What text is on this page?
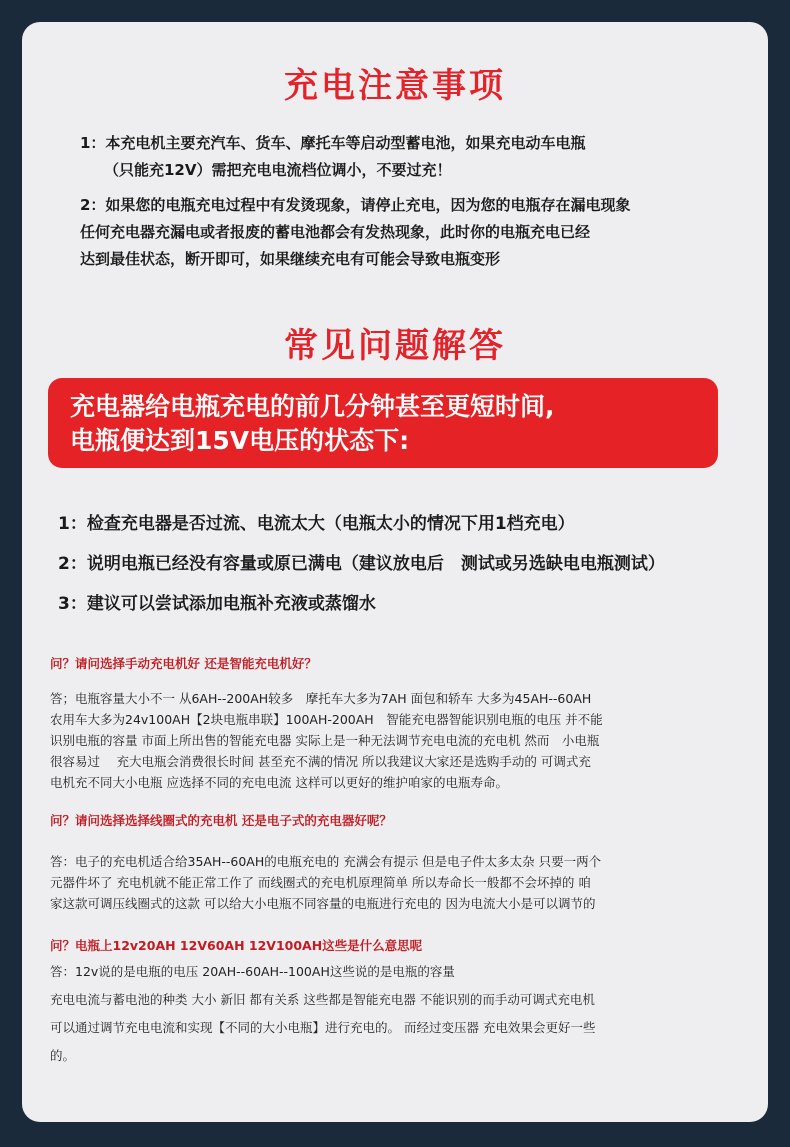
充电注意事项

1：本充电机主要充汽车、货车、摩托车等启动型蓄电池，如果充电动车电瓶
（只能充12V）需把充电电流档位调小，不要过充！

2：如果您的电瓶充电过程中有发烫现象，请停止充电，因为您的电瓶存在漏电现象
任何充电器充漏电或者报废的蓄电池都会有发热现象，此时你的电瓶充电已经
达到最佳状态，断开即可，如果继续充电有可能会导致电瓶变形

常见问题解答
充电器给电瓶充电的前几分钟甚至更短时间,
电瓶便达到15V电压的状态下:

1：检查充电器是否过流、电流太大（电瓶太小的情况下用1档充电）

2：说明电瓶已经没有容量或原已满电（建议放电后　测试或另选缺电电瓶测试）

3：建议可以尝试添加电瓶补充液或蒸馏水

问？请问选择手动充电机好 还是智能充电机好？

答；电瓶容量大小不一 从6AH--200AH较多　摩托车大多为7AH 面包和轿车 大多为45AH--60AH

农用车大多为24v100AH【2块电瓶串联】100AH-200AH　智能充电器智能识别电瓶的电压 并不能

识别电瓶的容量 市面上所出售的智能充电器 实际上是一种无法调节充电电流的充电机 然而　小电瓶

很容易过　 充大电瓶会消费很长时间 甚至充不满的情况 所以我建议大家还是选购手动的 可调式充

电机充不同大小电瓶 应选择不同的充电电流 这样可以更好的维护咱家的电瓶寿命。

问？请问选择选择线圈式的充电机 还是电子式的充电器好呢？

答：电子的充电机适合给35AH--60AH的电瓶充电的 充满会有提示 但是电子件太多太杂 只要一两个

元器件坏了 充电机就不能正常工作了 而线圈式的充电机原理简单 所以寿命长一般都不会坏掉的 咱

家这款可调压线圈式的这款 可以给大小电瓶不同容量的电瓶进行充电的 因为电流大小是可以调节的

问？电瓶上12v20AH 12V60AH 12V100AH这些是什么意思呢

答：12v说的是电瓶的电压 20AH--60AH--100AH这些说的是电瓶的容量

充电电流与蓄电池的种类 大小 新旧 都有关系 这些都是智能充电器 不能识别的而手动可调式充电机

可以通过调节充电电流和实现【不同的大小电瓶】进行充电的。 而经过变压器 充电效果会更好一些

的。
